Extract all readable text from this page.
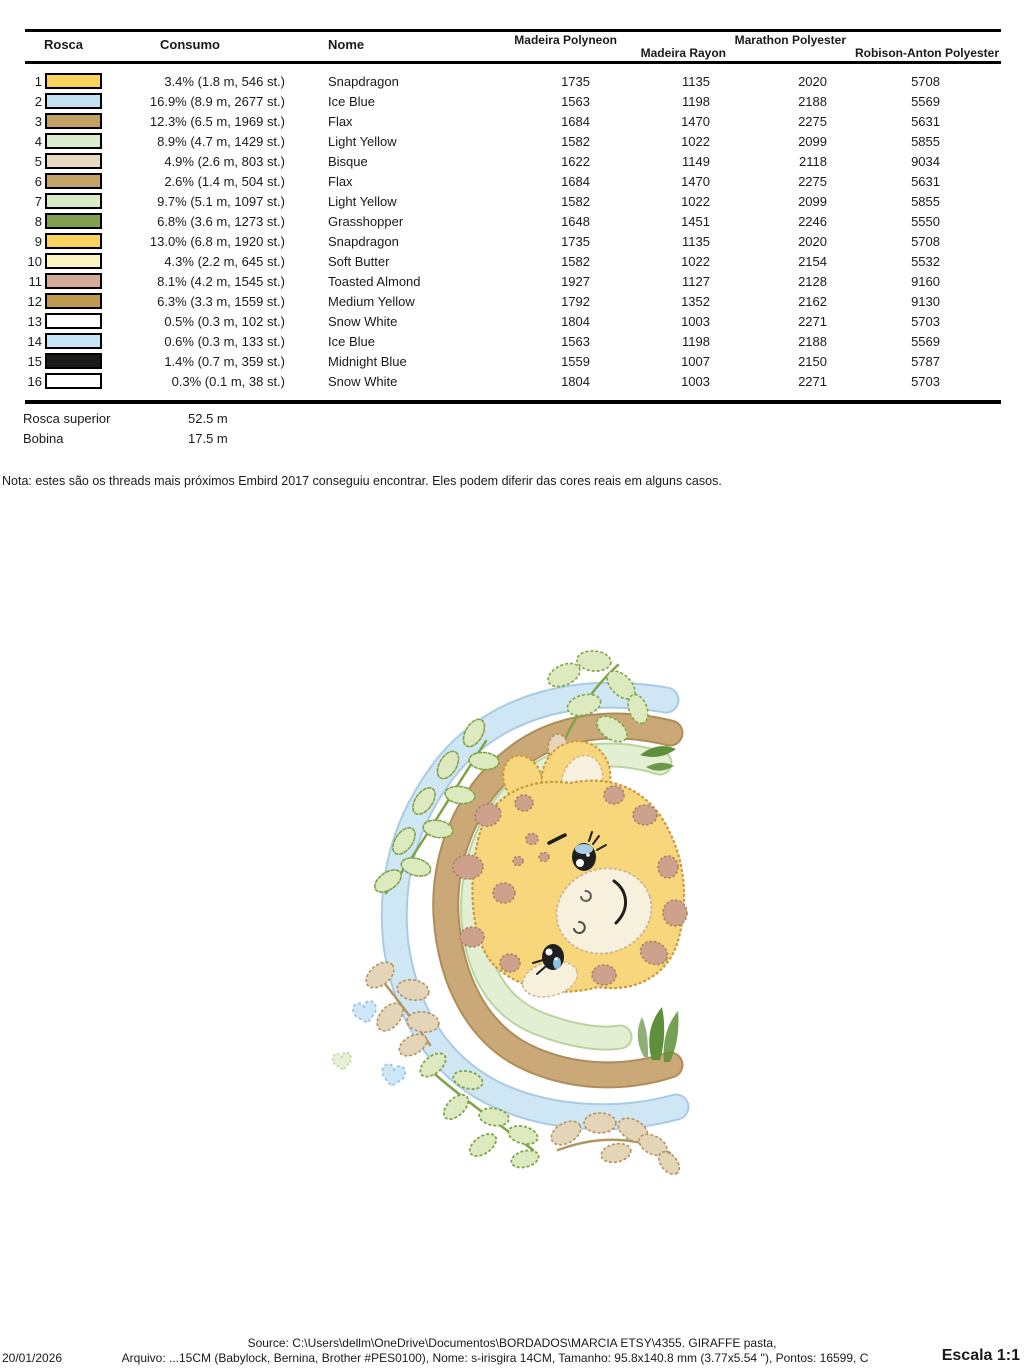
Rosca	Consumo	Nome	Madeira Polyneon
Madeira Rayon
Marathon Polyester
Robison-Anton Polyester
1	3.4% (1.8 m, 546 st.)	Snapdragon	1735	1135	2020	5708
2	16.9% (8.9 m, 2677 st.)	Ice Blue	1563	1198	2188	5569
3	12.3% (6.5 m, 1969 st.)	Flax	1684	1470	2275	5631
4	8.9% (4.7 m, 1429 st.)	Light Yellow	1582	1022	2099	5855
5	4.9% (2.6 m, 803 st.)	Bisque	1622	1149	2118	9034
6	2.6% (1.4 m, 504 st.)	Flax	1684	1470	2275	5631
7	9.7% (5.1 m, 1097 st.)	Light Yellow	1582	1022	2099	5855
8	6.8% (3.6 m, 1273 st.)	Grasshopper	1648	1451	2246	5550
9	13.0% (6.8 m, 1920 st.)	Snapdragon	1735	1135	2020	5708
10	4.3% (2.2 m, 645 st.)	Soft Butter	1582	1022	2154	5532
11	8.1% (4.2 m, 1545 st.)	Toasted Almond	1927	1127	2128	9160
12	6.3% (3.3 m, 1559 st.)	Medium Yellow	1792	1352	2162	9130
13	0.5% (0.3 m, 102 st.)	Snow White	1804	1003	2271	5703
14	0.6% (0.3 m, 133 st.)	Ice Blue	1563	1198	2188	5569
15	1.4% (0.7 m, 359 st.)	Midnight Blue	1559	1007	2150	5787
16	0.3% (0.1 m, 38 st.)	Snow White	1804	1003	2271	5703
Rosca superior	52.5 m
Bobina	17.5 m
Nota: estes são os threads mais próximos Embird 2017 conseguiu encontrar. Eles podem diferir das cores reais em alguns casos.
Source: C:\Users\dellm\OneDrive\Documentos\BORDADOS\MARCIA ETSY\4355. GIRAFFE pasta,
20/01/2026	Arquivo: ...15CM (Babylock, Bernina, Brother #PES0100), Nome: s-irisgira 14CM, Tamanho: 95.8x140.8 mm (3.77x5.54 ''), Pontos: 16599, C	Escala 1:1
